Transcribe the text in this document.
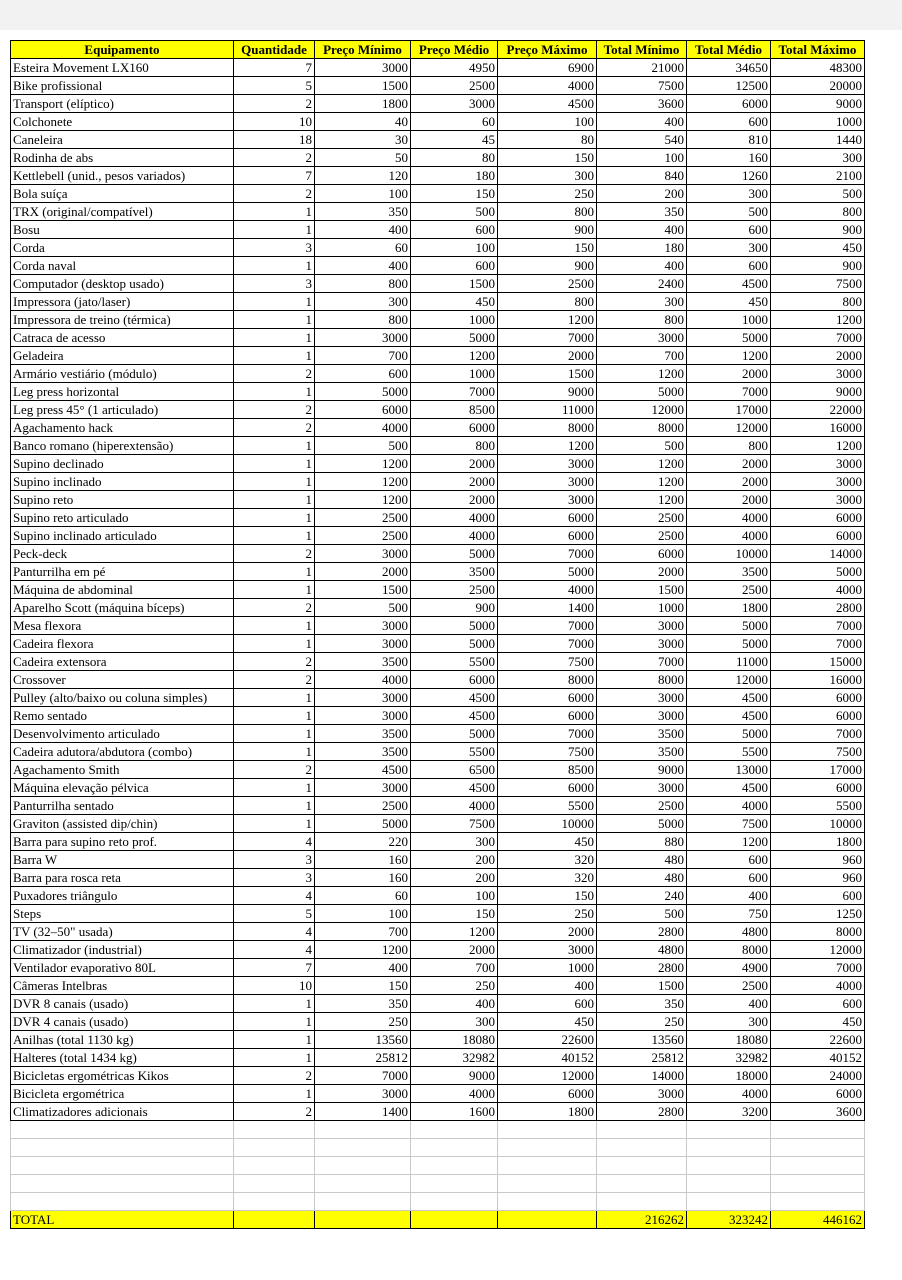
Equipamento	Quantidade	Preço Mínimo	Preço Médio	Preço Máximo	Total Mínimo	Total Médio	Total Máximo
Esteira Movement LX160	7	3000	4950	6900	21000	34650	48300
Bike profissional	5	1500	2500	4000	7500	12500	20000
Transport (elíptico)	2	1800	3000	4500	3600	6000	9000
Colchonete	10	40	60	100	400	600	1000
Caneleira	18	30	45	80	540	810	1440
Rodinha de abs	2	50	80	150	100	160	300
Kettlebell (unid., pesos variados)	7	120	180	300	840	1260	2100
Bola suíça	2	100	150	250	200	300	500
TRX (original/compatível)	1	350	500	800	350	500	800
Bosu	1	400	600	900	400	600	900
Corda	3	60	100	150	180	300	450
Corda naval	1	400	600	900	400	600	900
Computador (desktop usado)	3	800	1500	2500	2400	4500	7500
Impressora (jato/laser)	1	300	450	800	300	450	800
Impressora de treino (térmica)	1	800	1000	1200	800	1000	1200
Catraca de acesso	1	3000	5000	7000	3000	5000	7000
Geladeira	1	700	1200	2000	700	1200	2000
Armário vestiário (módulo)	2	600	1000	1500	1200	2000	3000
Leg press horizontal	1	5000	7000	9000	5000	7000	9000
Leg press 45° (1 articulado)	2	6000	8500	11000	12000	17000	22000
Agachamento hack	2	4000	6000	8000	8000	12000	16000
Banco romano (hiperextensão)	1	500	800	1200	500	800	1200
Supino declinado	1	1200	2000	3000	1200	2000	3000
Supino inclinado	1	1200	2000	3000	1200	2000	3000
Supino reto	1	1200	2000	3000	1200	2000	3000
Supino reto articulado	1	2500	4000	6000	2500	4000	6000
Supino inclinado articulado	1	2500	4000	6000	2500	4000	6000
Peck-deck	2	3000	5000	7000	6000	10000	14000
Panturrilha em pé	1	2000	3500	5000	2000	3500	5000
Máquina de abdominal	1	1500	2500	4000	1500	2500	4000
Aparelho Scott (máquina bíceps)	2	500	900	1400	1000	1800	2800
Mesa flexora	1	3000	5000	7000	3000	5000	7000
Cadeira flexora	1	3000	5000	7000	3000	5000	7000
Cadeira extensora	2	3500	5500	7500	7000	11000	15000
Crossover	2	4000	6000	8000	8000	12000	16000
Pulley (alto/baixo ou coluna simples)	1	3000	4500	6000	3000	4500	6000
Remo sentado	1	3000	4500	6000	3000	4500	6000
Desenvolvimento articulado	1	3500	5000	7000	3500	5000	7000
Cadeira adutora/abdutora (combo)	1	3500	5500	7500	3500	5500	7500
Agachamento Smith	2	4500	6500	8500	9000	13000	17000
Máquina elevação pélvica	1	3000	4500	6000	3000	4500	6000
Panturrilha sentado	1	2500	4000	5500	2500	4000	5500
Graviton (assisted dip/chin)	1	5000	7500	10000	5000	7500	10000
Barra para supino reto prof.	4	220	300	450	880	1200	1800
Barra W	3	160	200	320	480	600	960
Barra para rosca reta	3	160	200	320	480	600	960
Puxadores triângulo	4	60	100	150	240	400	600
Steps	5	100	150	250	500	750	1250
TV (32–50" usada)	4	700	1200	2000	2800	4800	8000
Climatizador (industrial)	4	1200	2000	3000	4800	8000	12000
Ventilador evaporativo 80L	7	400	700	1000	2800	4900	7000
Câmeras Intelbras	10	150	250	400	1500	2500	4000
DVR 8 canais (usado)	1	350	400	600	350	400	600
DVR 4 canais (usado)	1	250	300	450	250	300	450
Anilhas (total 1130 kg)	1	13560	18080	22600	13560	18080	22600
Halteres (total 1434 kg)	1	25812	32982	40152	25812	32982	40152
Bicicletas ergométricas Kikos	2	7000	9000	12000	14000	18000	24000
Bicicleta ergométrica	1	3000	4000	6000	3000	4000	6000
Climatizadores adicionais	2	1400	1600	1800	2800	3200	3600

TOTAL					216262	323242	446162
